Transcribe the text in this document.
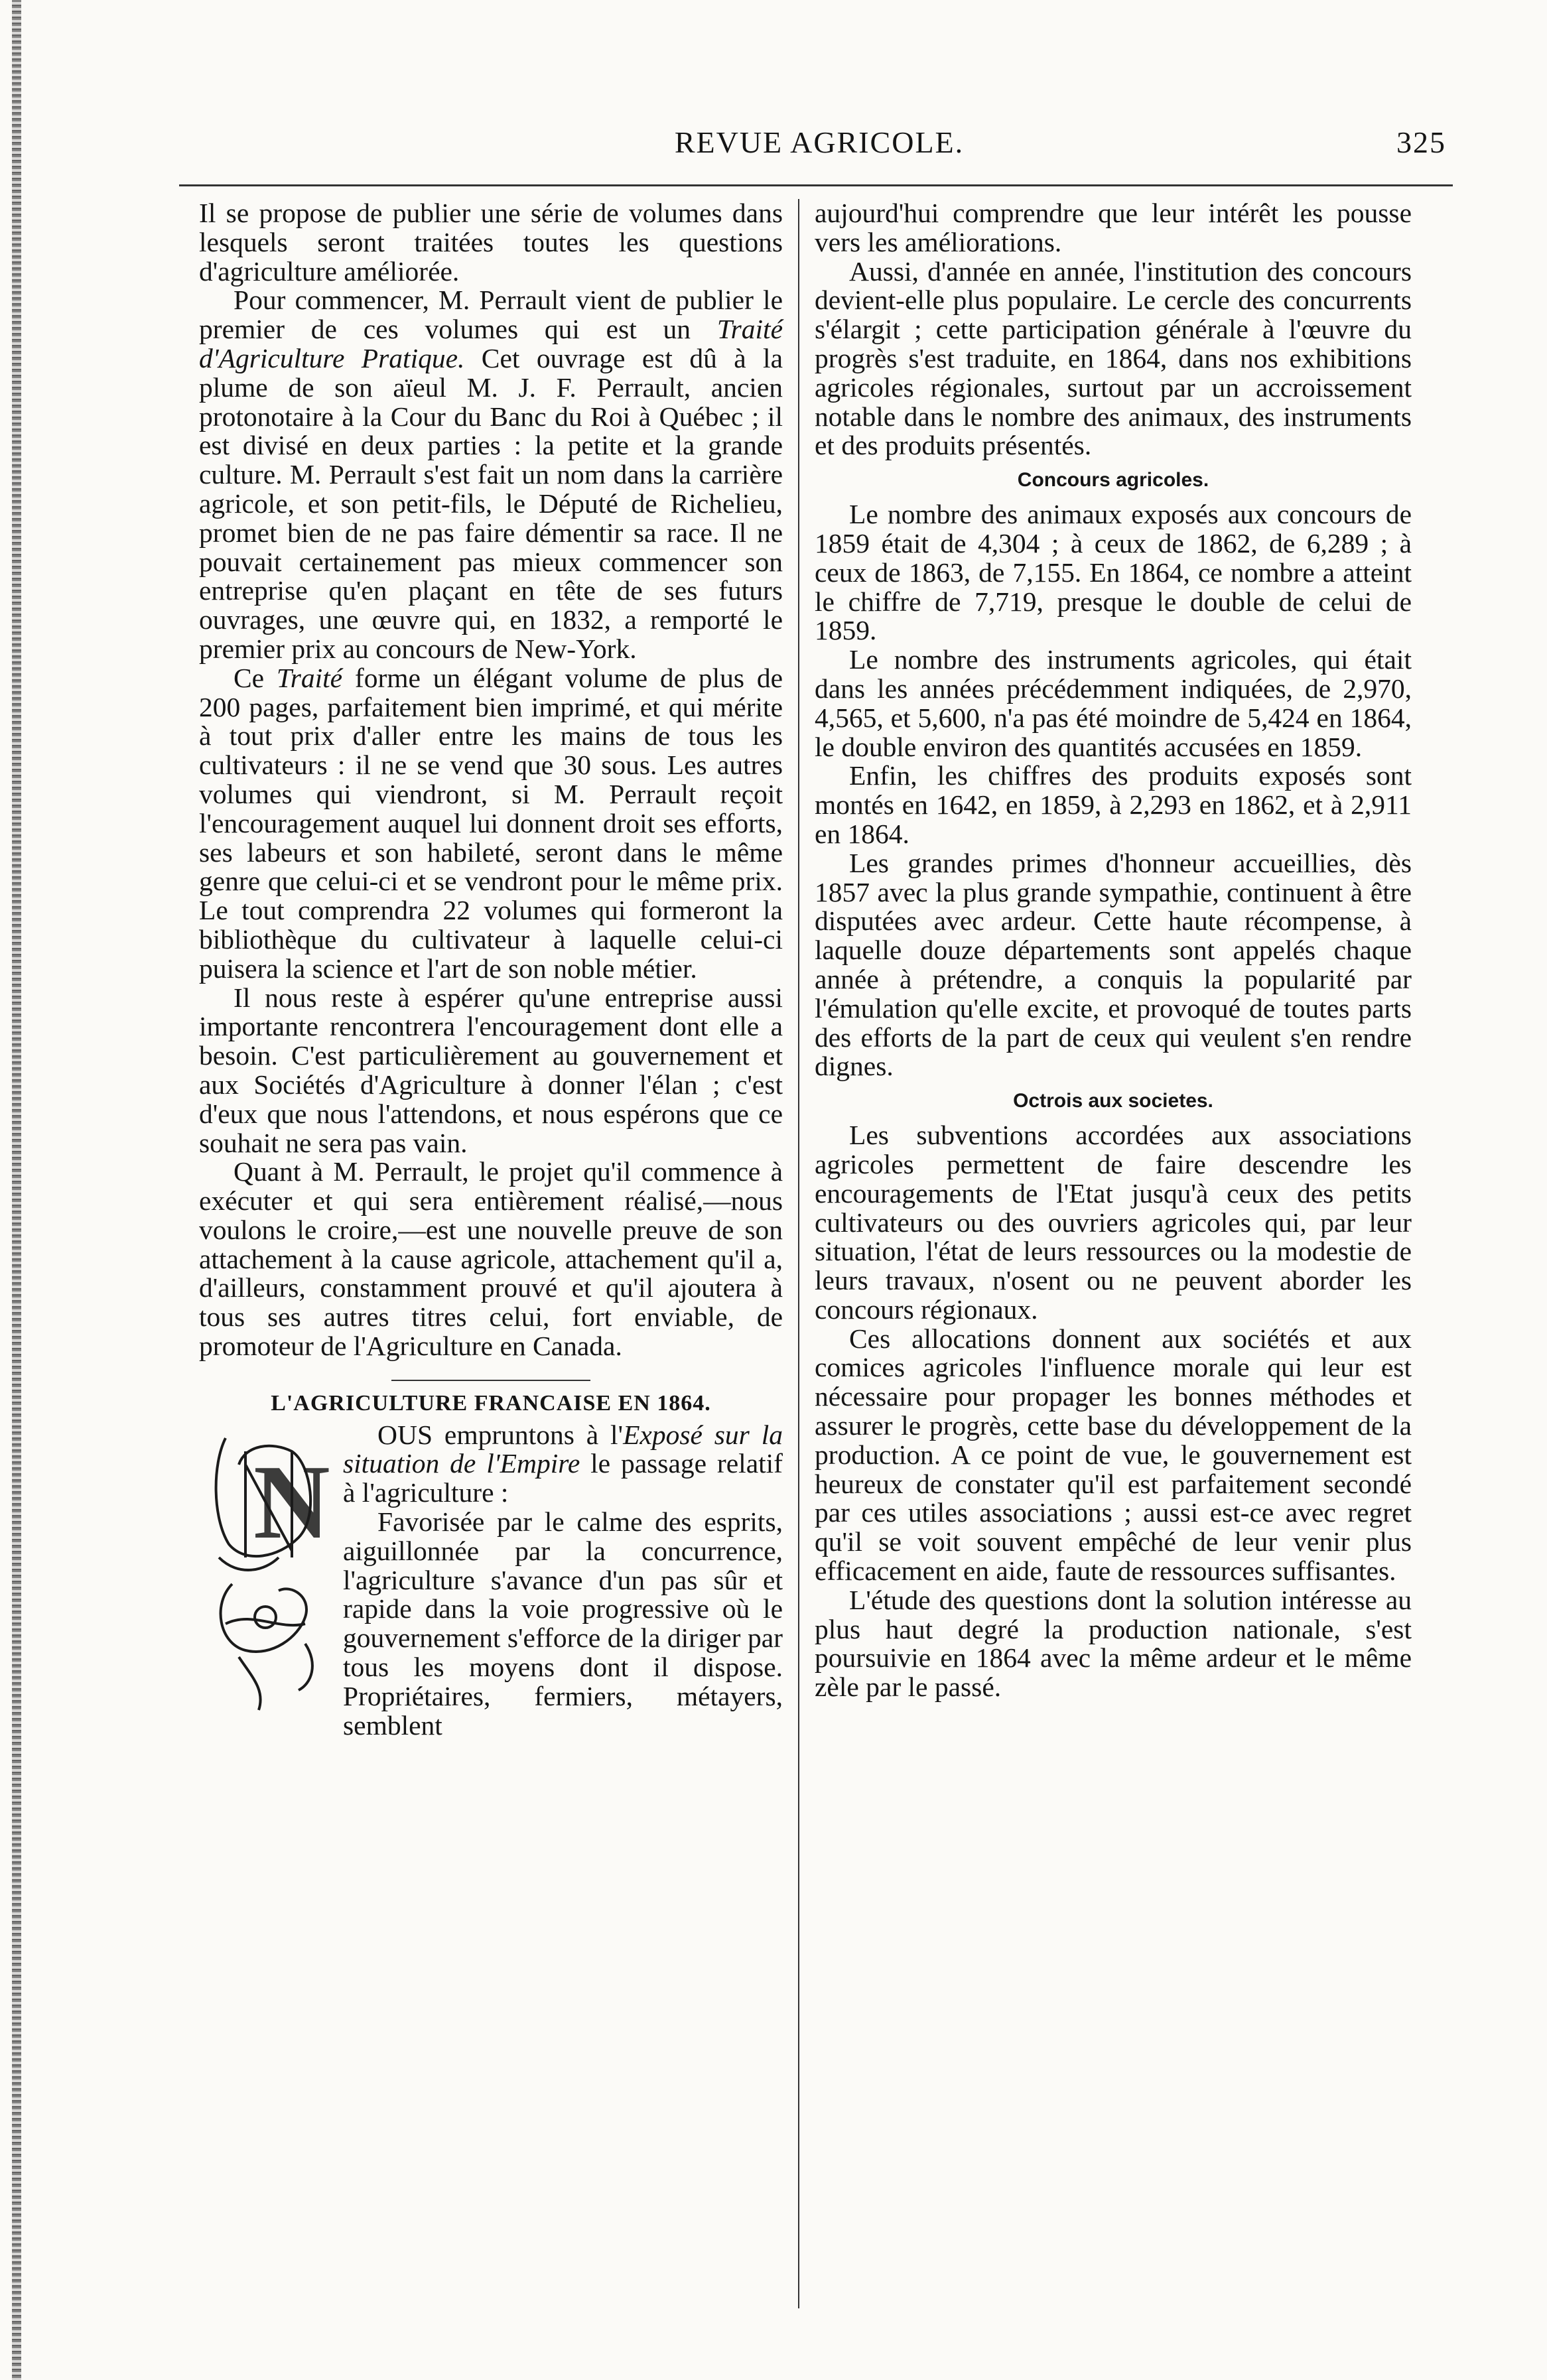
REVUE AGRICOLE.	325

Il se propose de publier une série de volumes dans lesquels seront traitées toutes les questions d'agriculture améliorée.

Pour commencer, M. Perrault vient de publier le premier de ces volumes qui est un Traité d'Agriculture Pratique. Cet ouvrage est dû à la plume de son aïeul M. J. F. Perrault, ancien protonotaire à la Cour du Banc du Roi à Québec ; il est divisé en deux parties : la petite et la grande culture. M. Perrault s'est fait un nom dans la carrière agricole, et son petit-fils, le Député de Richelieu, promet bien de ne pas faire démentir sa race. Il ne pouvait certainement pas mieux commencer son entreprise qu'en plaçant en tête de ses futurs ouvrages, une œuvre qui, en 1832, a remporté le premier prix au concours de New-York.

Ce Traité forme un élégant volume de plus de 200 pages, parfaitement bien imprimé, et qui mérite à tout prix d'aller entre les mains de tous les cultivateurs : il ne se vend que 30 sous. Les autres volumes qui viendront, si M. Perrault reçoit l'encouragement auquel lui donnent droit ses efforts, ses labeurs et son habileté, seront dans le même genre que celui-ci et se vendront pour le même prix. Le tout comprendra 22 volumes qui formeront la bibliothèque du cultivateur à laquelle celui-ci puisera la science et l'art de son noble métier.

Il nous reste à espérer qu'une entreprise aussi importante rencontrera l'encouragement dont elle a besoin. C'est particulièrement au gouvernement et aux Sociétés d'Agriculture à donner l'élan ; c'est d'eux que nous l'attendons, et nous espérons que ce souhait ne sera pas vain.

Quant à M. Perrault, le projet qu'il commence à exécuter et qui sera entièrement réalisé,—nous voulons le croire,—est une nouvelle preuve de son attachement à la cause agricole, attachement qu'il a, d'ailleurs, constamment prouvé et qu'il ajoutera à tous ses autres titres celui, fort enviable, de promoteur de l'Agriculture en Canada.

L'AGRICULTURE FRANCAISE EN 1864.
N

OUS empruntons à l'Exposé sur la situation de l'Empire le passage relatif à l'agriculture :

Favorisée par le calme des esprits, aiguillonnée par la concurrence, l'agriculture s'avance d'un pas sûr et rapide dans la voie progressive où le gouvernement s'efforce de la diriger par tous les moyens dont il dispose. Propriétaires, fermiers, métayers, semblent

aujourd'hui comprendre que leur intérêt les pousse vers les améliorations.

Aussi, d'année en année, l'institution des concours devient-elle plus populaire. Le cercle des concurrents s'élargit ; cette participation générale à l'œuvre du progrès s'est traduite, en 1864, dans nos exhibitions agricoles régionales, surtout par un accroissement notable dans le nombre des animaux, des instruments et des produits présentés.

Concours agricoles.

Le nombre des animaux exposés aux concours de 1859 était de 4,304 ; à ceux de 1862, de 6,289 ; à ceux de 1863, de 7,155. En 1864, ce nombre a atteint le chiffre de 7,719, presque le double de celui de 1859.

Le nombre des instruments agricoles, qui était dans les années précédemment indiquées, de 2,970, 4,565, et 5,600, n'a pas été moindre de 5,424 en 1864, le double environ des quantités accusées en 1859.

Enfin, les chiffres des produits exposés sont montés en 1642, en 1859, à 2,293 en 1862, et à 2,911 en 1864.

Les grandes primes d'honneur accueillies, dès 1857 avec la plus grande sympathie, continuent à être disputées avec ardeur. Cette haute récompense, à laquelle douze départements sont appelés chaque année à prétendre, a conquis la popularité par l'émulation qu'elle excite, et provoqué de toutes parts des efforts de la part de ceux qui veulent s'en rendre dignes.

Octrois aux societes.

Les subventions accordées aux associations agricoles permettent de faire descendre les encouragements de l'Etat jusqu'à ceux des petits cultivateurs ou des ouvriers agricoles qui, par leur situation, l'état de leurs ressources ou la modestie de leurs travaux, n'osent ou ne peuvent aborder les concours régionaux.

Ces allocations donnent aux sociétés et aux comices agricoles l'influence morale qui leur est nécessaire pour propager les bonnes méthodes et assurer le progrès, cette base du développement de la production. A ce point de vue, le gouvernement est heureux de constater qu'il est parfaitement secondé par ces utiles associations ; aussi est-ce avec regret qu'il se voit souvent empêché de leur venir plus efficacement en aide, faute de ressources suffisantes.

L'étude des questions dont la solution intéresse au plus haut degré la production nationale, s'est poursuivie en 1864 avec la même ardeur et le même zèle par le passé.
